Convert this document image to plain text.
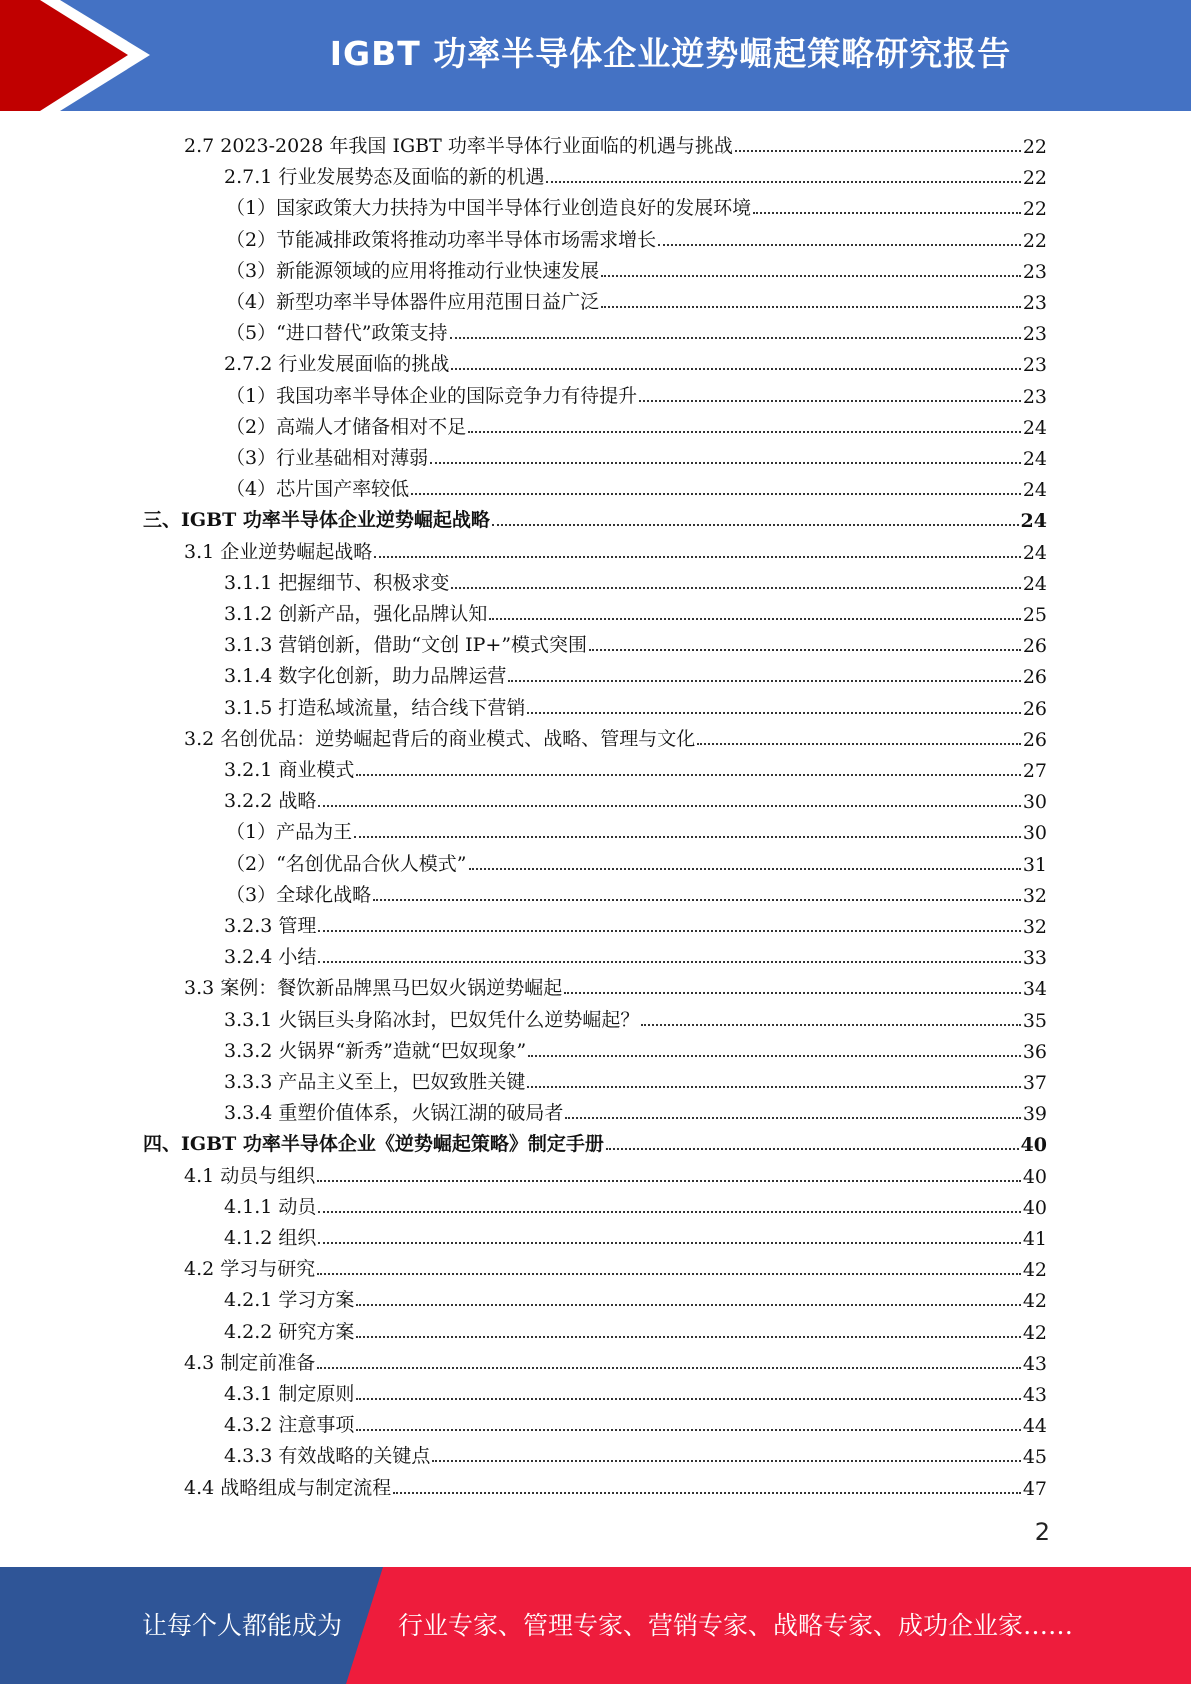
IGBT 功率半导体企业逆势崛起策略研究报告
2.7 2023-2028 年我国 IGBT 功率半导体行业面临的机遇与挑战	22
2.7.1 行业发展势态及面临的新的机遇	22
（1）国家政策大力扶持为中国半导体行业创造良好的发展环境	22
（2）节能减排政策将推动功率半导体市场需求增长	22
（3）新能源领域的应用将推动行业快速发展	23
（4）新型功率半导体器件应用范围日益广泛	23
（5）“进口替代”政策支持	23
2.7.2 行业发展面临的挑战	23
（1）我国功率半导体企业的国际竞争力有待提升	23
（2）高端人才储备相对不足	24
（3）行业基础相对薄弱	24
（4）芯片国产率较低	24
三、IGBT 功率半导体企业逆势崛起战略	24
3.1 企业逆势崛起战略	24
3.1.1 把握细节、积极求变	24
3.1.2 创新产品，强化品牌认知	25
3.1.3 营销创新，借助“文创 IP+”模式突围	26
3.1.4 数字化创新，助力品牌运营	26
3.1.5 打造私域流量，结合线下营销	26
3.2 名创优品：逆势崛起背后的商业模式、战略、管理与文化	26
3.2.1 商业模式	27
3.2.2 战略	30
（1）产品为王	30
（2）“名创优品合伙人模式”	31
（3）全球化战略	32
3.2.3 管理	32
3.2.4 小结	33
3.3 案例：餐饮新品牌黑马巴奴火锅逆势崛起	34
3.3.1 火锅巨头身陷冰封，巴奴凭什么逆势崛起？	35
3.3.2 火锅界“新秀”造就“巴奴现象”	36
3.3.3 产品主义至上，巴奴致胜关键	37
3.3.4 重塑价值体系，火锅江湖的破局者	39
四、IGBT 功率半导体企业《逆势崛起策略》制定手册	40
4.1 动员与组织	40
4.1.1 动员	40
4.1.2 组织	41
4.2 学习与研究	42
4.2.1 学习方案	42
4.2.2 研究方案	42
4.3 制定前准备	43
4.3.1 制定原则	43
4.3.2 注意事项	44
4.3.3 有效战略的关键点	45
4.4 战略组成与制定流程	47
2
让每个人都能成为 行业专家、管理专家、营销专家、战略专家、成功企业家……
